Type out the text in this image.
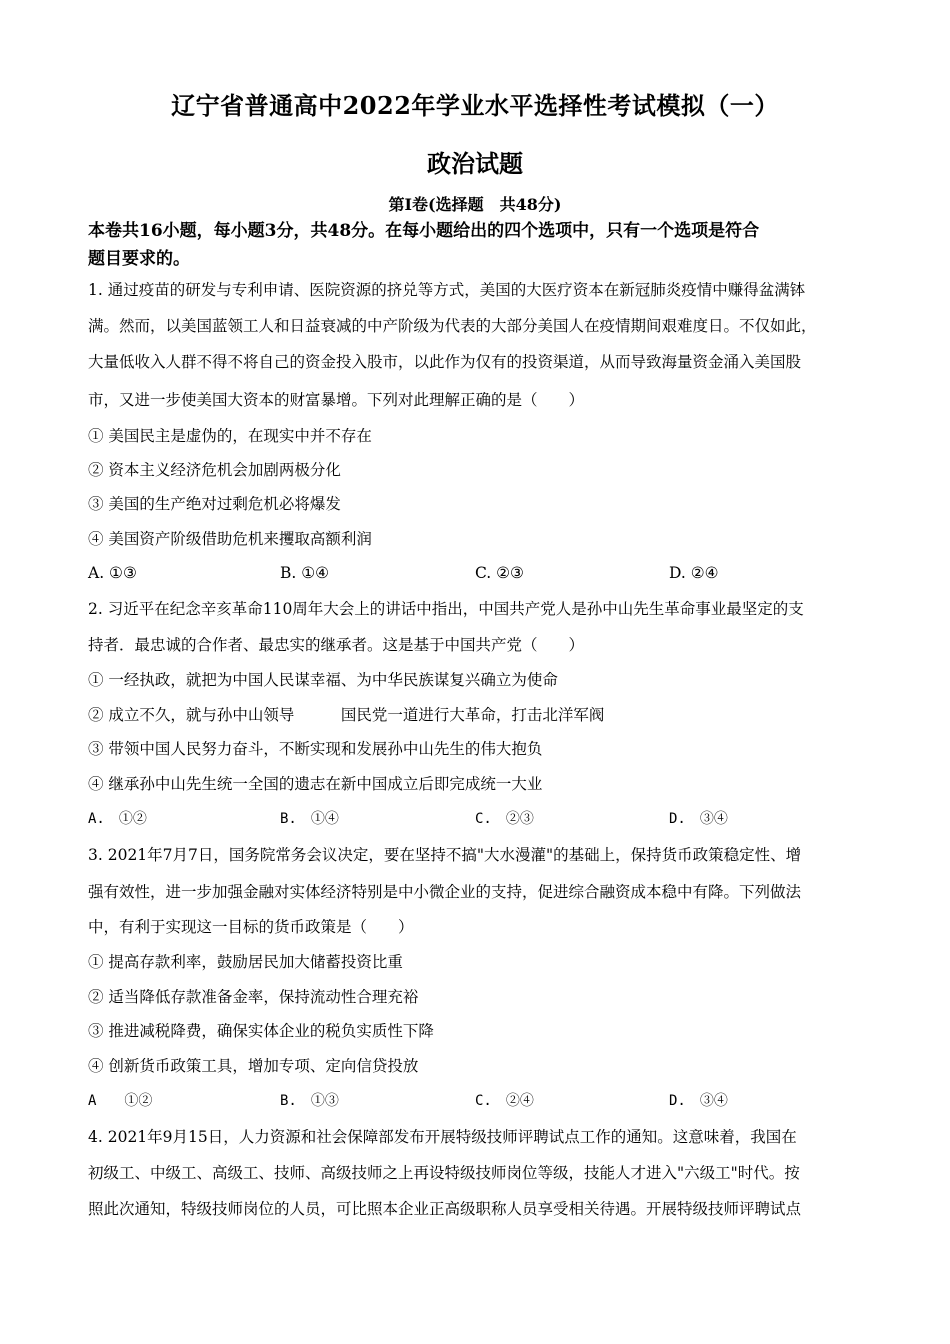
辽宁省普通高中2022年学业水平选择性考试模拟（一）
政治试题
第I卷(选择题　共48分)
本卷共16小题，每小题3分，共48分。在每小题给出的四个选项中，只有一个选项是符合
题目要求的。
1. 通过疫苗的研发与专利申请、医院资源的挤兑等方式，美国的大医疗资本在新冠肺炎疫情中赚得盆满钵
满。然而，以美国蓝领工人和日益衰减的中产阶级为代表的大部分美国人在疫情期间艰难度日。不仅如此，
大量低收入人群不得不将自己的资金投入股市，以此作为仅有的投资渠道，从而导致海量资金涌入美国股
市，又进一步使美国大资本的财富暴增。下列对此理解正确的是（　　）
① 美国民主是虚伪的，在现实中并不存在
② 资本主义经济危机会加剧两极分化
③ 美国的生产绝对过剩危机必将爆发
④ 美国资产阶级借助危机来攫取高额利润
A. ①③	B. ①④	C. ②③	D. ②④
2. 习近平在纪念辛亥革命110周年大会上的讲话中指出，中国共产党人是孙中山先生革命事业最坚定的支
持者．最忠诚的合作者、最忠实的继承者。这是基于中国共产党（　　）
① 一经执政，就把为中国人民谋幸福、为中华民族谋复兴确立为使命
② 成立不久，就与孙中山领导　　　国民党一道进行大革命，打击北洋军阀
③ 带领中国人民努力奋斗，不断实现和发展孙中山先生的伟大抱负
④ 继承孙中山先生统一全国的遗志在新中国成立后即完成统一大业
A.　①②	B.　①④	C.　②③	D.　③④
3. 2021年7月7日，国务院常务会议决定，要在坚持不搞"大水漫灌"的基础上，保持货币政策稳定性、增
强有效性，进一步加强金融对实体经济特别是中小微企业的支持，促进综合融资成本稳中有降。下列做法
中，有利于实现这一目标的货币政策是（　　）
① 提高存款利率，鼓励居民加大储蓄投资比重
② 适当降低存款准备金率，保持流动性合理充裕
③ 推进减税降费，确保实体企业的税负实质性下降
④ 创新货币政策工具，增加专项、定向信贷投放
A　　①②	B.　①③	C.　②④	D.　③④
4. 2021年9月15日，人力资源和社会保障部发布开展特级技师评聘试点工作的通知。这意味着，我国在
初级工、中级工、高级工、技师、高级技师之上再设特级技师岗位等级，技能人才进入"六级工"时代。按
照此次通知，特级技师岗位的人员，可比照本企业正高级职称人员享受相关待遇。开展特级技师评聘试点
